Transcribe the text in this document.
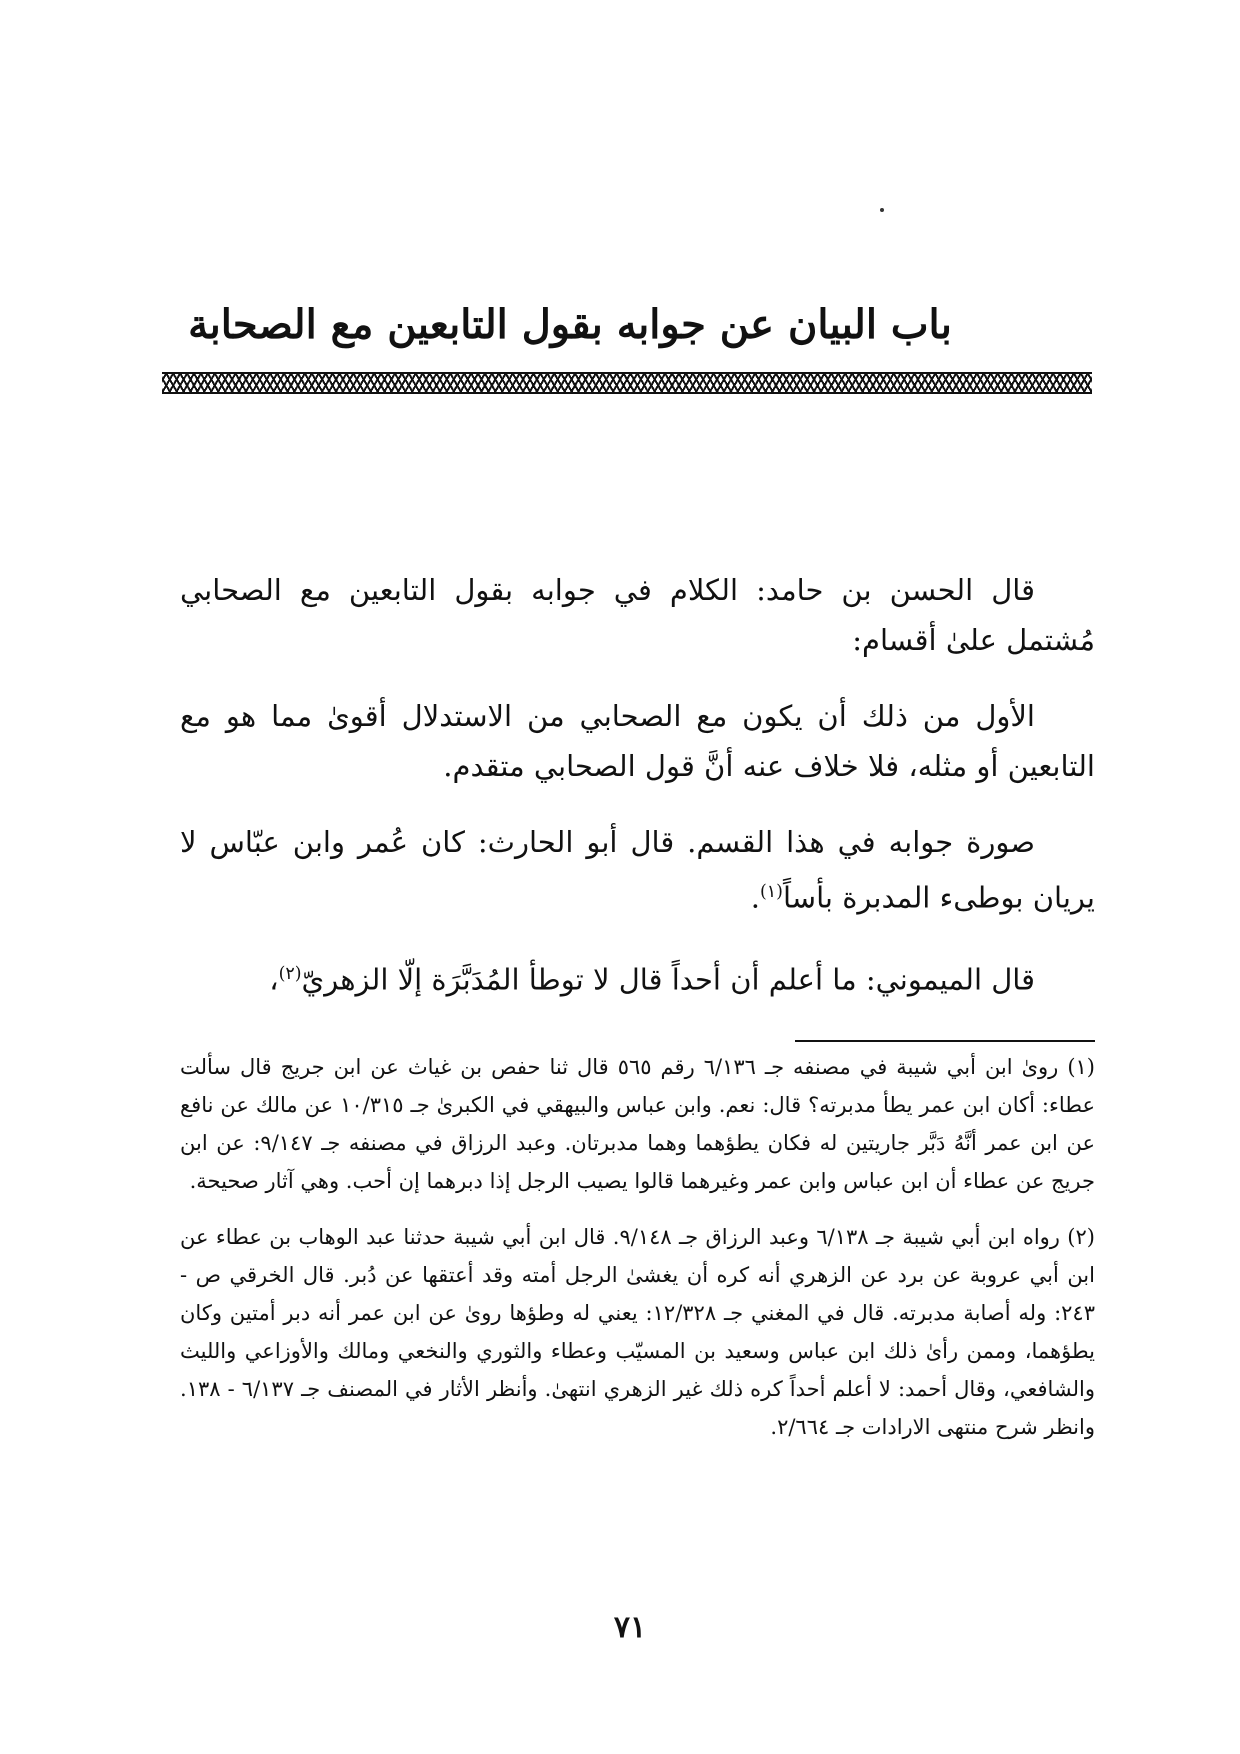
باب البيان عن جوابه بقول التابعين مع الصحابة

قال الحسن بن حامد: الكلام في جوابه بقول التابعين مع الصحابي مُشتمل علىٰ أقسام:

الأول من ذلك أن يكون مع الصحابي من الاستدلال أقوىٰ مما هو مع التابعين أو مثله، فلا خلاف عنه أنَّ قول الصحابي متقدم.

صورة جوابه في هذا القسم. قال أبو الحارث: كان عُمر وابن عبّاس لا يريان بوطىء المدبرة بأساً$^{(١)}$.

قال الميموني: ما أعلم أن أحداً قال لا توطأ المُدَبَّرَة إلّا الزهريّ$^{(٢)}$،

(١) روىٰ ابن أبي شيبة في مصنفه جـ ٦/١٣٦ رقم ٥٦٥ قال ثنا حفص بن غياث عن ابن جريج قال سألت عطاء: أكان ابن عمر يطأ مدبرته؟ قال: نعم. وابن عباس والبيهقي في الكبرىٰ جـ ١٠/٣١٥ عن مالك عن نافع عن ابن عمر أنَّهُ دَبَّر جاريتين له فكان يطؤهما وهما مدبرتان. وعبد الرزاق في مصنفه جـ ٩/١٤٧: عن ابن جريج عن عطاء أن ابن عباس وابن عمر وغيرهما قالوا يصيب الرجل إذا دبرهما إن أحب. وهي آثار صحيحة.

(٢) رواه ابن أبي شيبة جـ ٦/١٣٨ وعبد الرزاق جـ ٩/١٤٨. قال ابن أبي شيبة حدثنا عبد الوهاب بن عطاء عن ابن أبي عروبة عن برد عن الزهري أنه كره أن يغشىٰ الرجل أمته وقد أعتقها عن دُبر. قال الخرقي ص - ٢٤٣: وله أصابة مدبرته. قال في المغني جـ ١٢/٣٢٨: يعني له وطؤها روىٰ عن ابن عمر أنه دبر أمتين وكان يطؤهما، وممن رأىٰ ذلك ابن عباس وسعيد بن المسيّب وعطاء والثوري والنخعي ومالك والأوزاعي والليث والشافعي، وقال أحمد: لا أعلم أحداً كره ذلك غير الزهري انتهىٰ. وأنظر الأثار في المصنف جـ ٦/١٣٧ - ١٣٨. وانظر شرح منتهى الارادات جـ ٢/٦٦٤.

٧١
